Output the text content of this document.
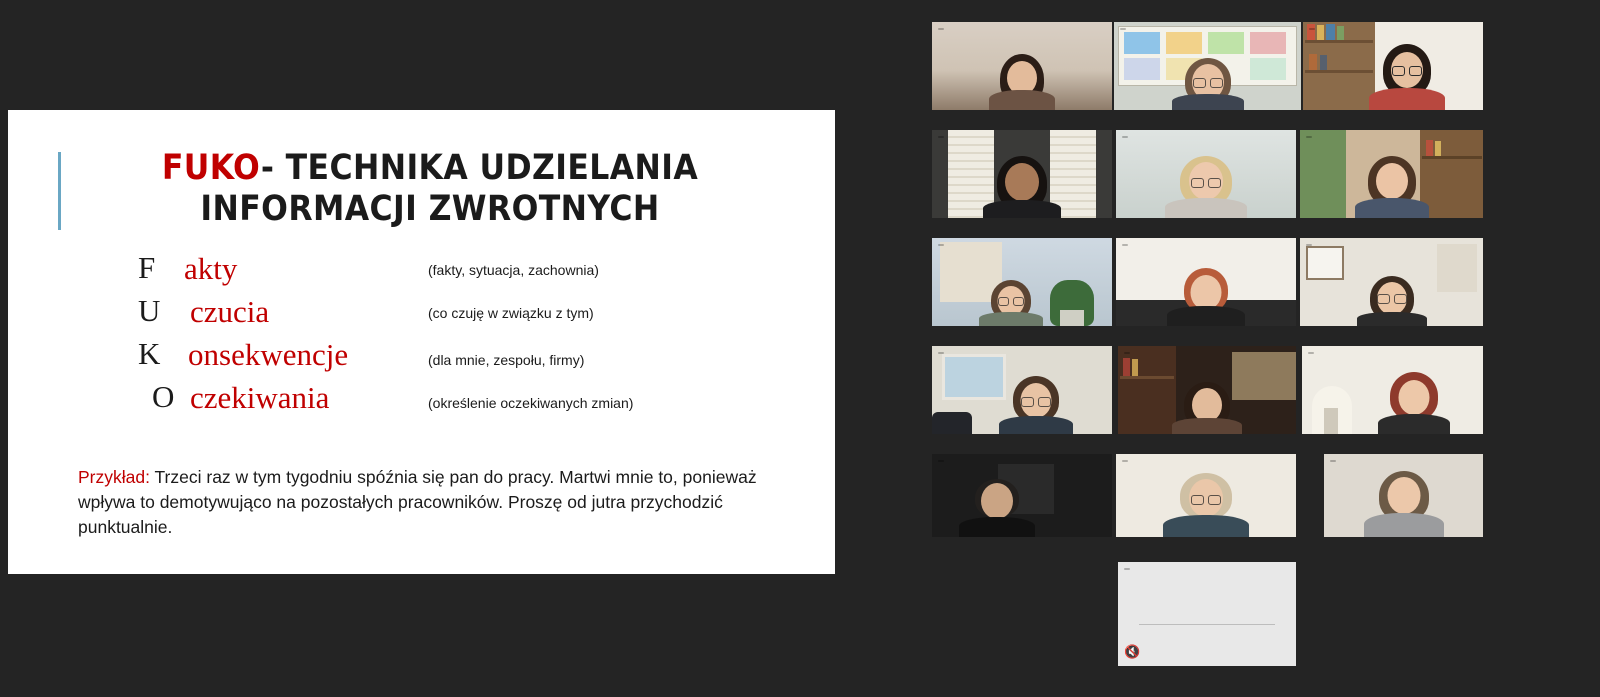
FUKO- TECHNIKA UDZIELANIA INFORMACJI ZWROTNYCH
F akty	(fakty, sytuacja, zachownia)
U czucia	(co czuję w związku z tym)
K onsekwencje	(dla mnie, zespołu, firmy)
O czekiwania	(określenie oczekiwanych zmian)
Przykład: Trzeci raz w tym tygodniu spóźnia się pan do pracy. Martwi mnie to, ponieważ wpływa to demotywująco na pozostałych pracowników. Proszę od jutra przychodzić punktualnie.
🔇
